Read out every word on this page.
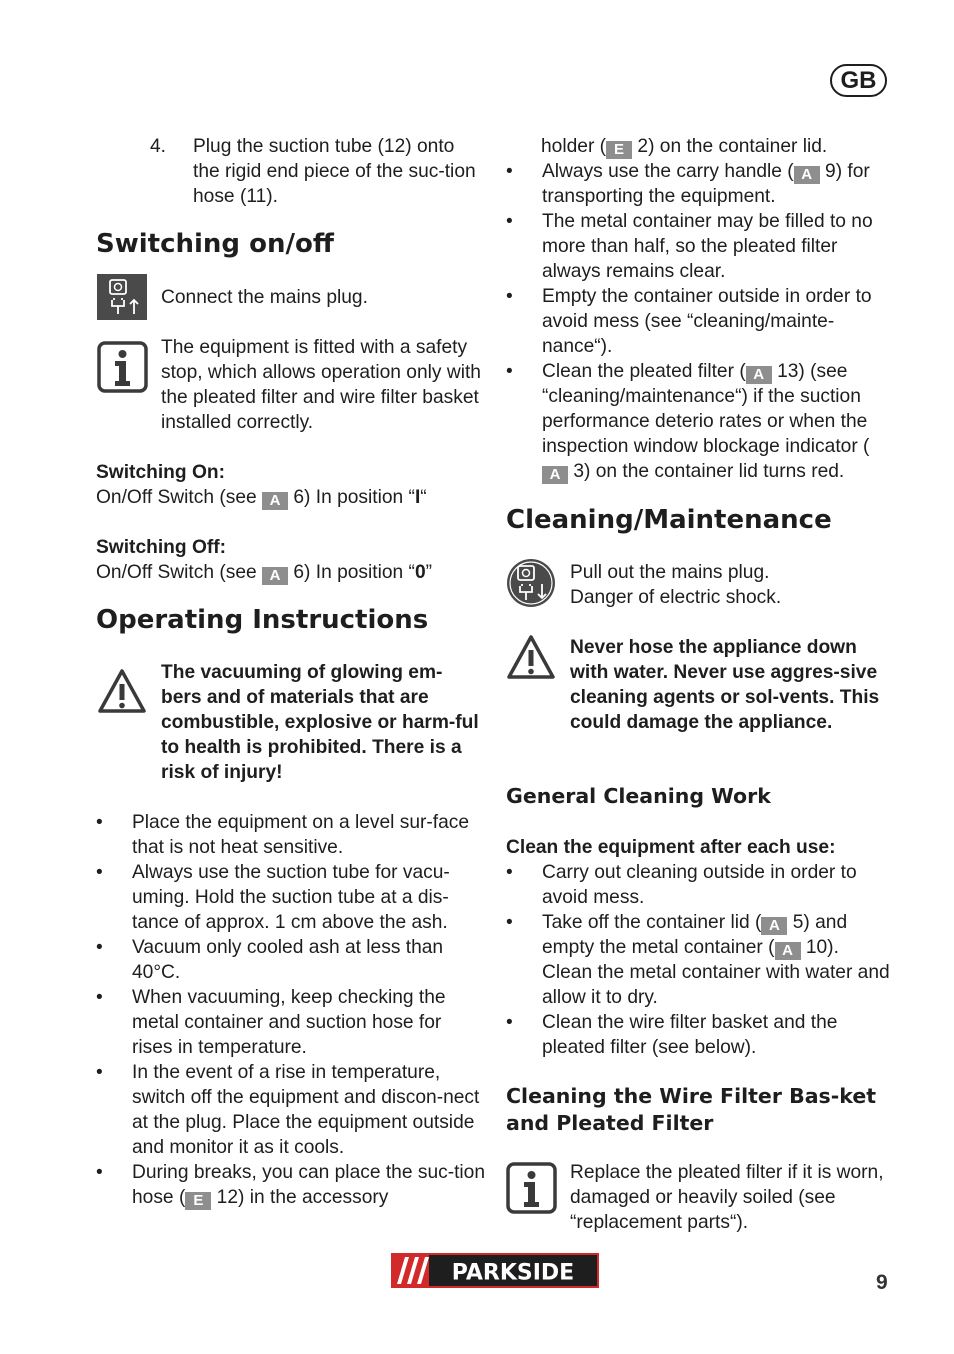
GB
4. Plug the suction tube (12) onto the rigid end piece of the suc-tion hose (11).

Switching on/off

Connect the mains plug.

The equipment is fitted with a safety stop, which allows operation only with the pleated filter and wire filter basket installed correctly.

Switching On:

On/Off Switch (see A 6) In position “I“

Switching Off:

On/Off Switch (see A 6) In position “0”

Operating Instructions

The vacuuming of glowing em-bers and of materials that are combustible, explosive or harm-ful to health is prohibited. There is a risk of injury!

•	Place the equipment on a level sur-face that is not heat sensitive.
•	Always use the suction tube for vacu-uming. Hold the suction tube at a dis-tance of approx. 1 cm above the ash.
•	Vacuum only cooled ash at less than 40°C.
•	When vacuuming, keep checking the metal container and suction hose for rises in temperature.
•	In the event of a rise in temperature, switch off the equipment and discon-nect at the plug. Place the equipment outside and monitor it as it cools.
•	During breaks, you can place the suc-tion hose ( E 12) in the accessory

holder ( E 2) on the container lid.

•	Always use the carry handle ( A 9) for transporting the equipment.
•	The metal container may be filled to no more than half, so the pleated filter always remains clear.
•	Empty the container outside in order to avoid mess (see “cleaning/mainte-nance“).
•	Clean the pleated filter ( A 13) (see “cleaning/maintenance“) if the suction performance deterio rates or when the inspection window blockage indicator (A 3) on the container lid turns red.
Cleaning/Maintenance

Pull out the mains plug.

Danger of electric shock.

Never hose the appliance down with water. Never use aggres-sive cleaning agents or sol-vents. This could damage the appliance.

General Cleaning Work

Clean the equipment after each use:

•	Carry out cleaning outside in order to avoid mess.
•	Take off the container lid ( A 5) and empty the metal container ( A 10). Clean the metal container with water and allow it to dry.
•	Clean the wire filter basket and the pleated filter (see below).
Cleaning the Wire Filter Bas-ket and Pleated Filter

Replace the pleated filter if it is worn, damaged or heavily soiled (see “replacement parts“).

PARKSIDE	9
